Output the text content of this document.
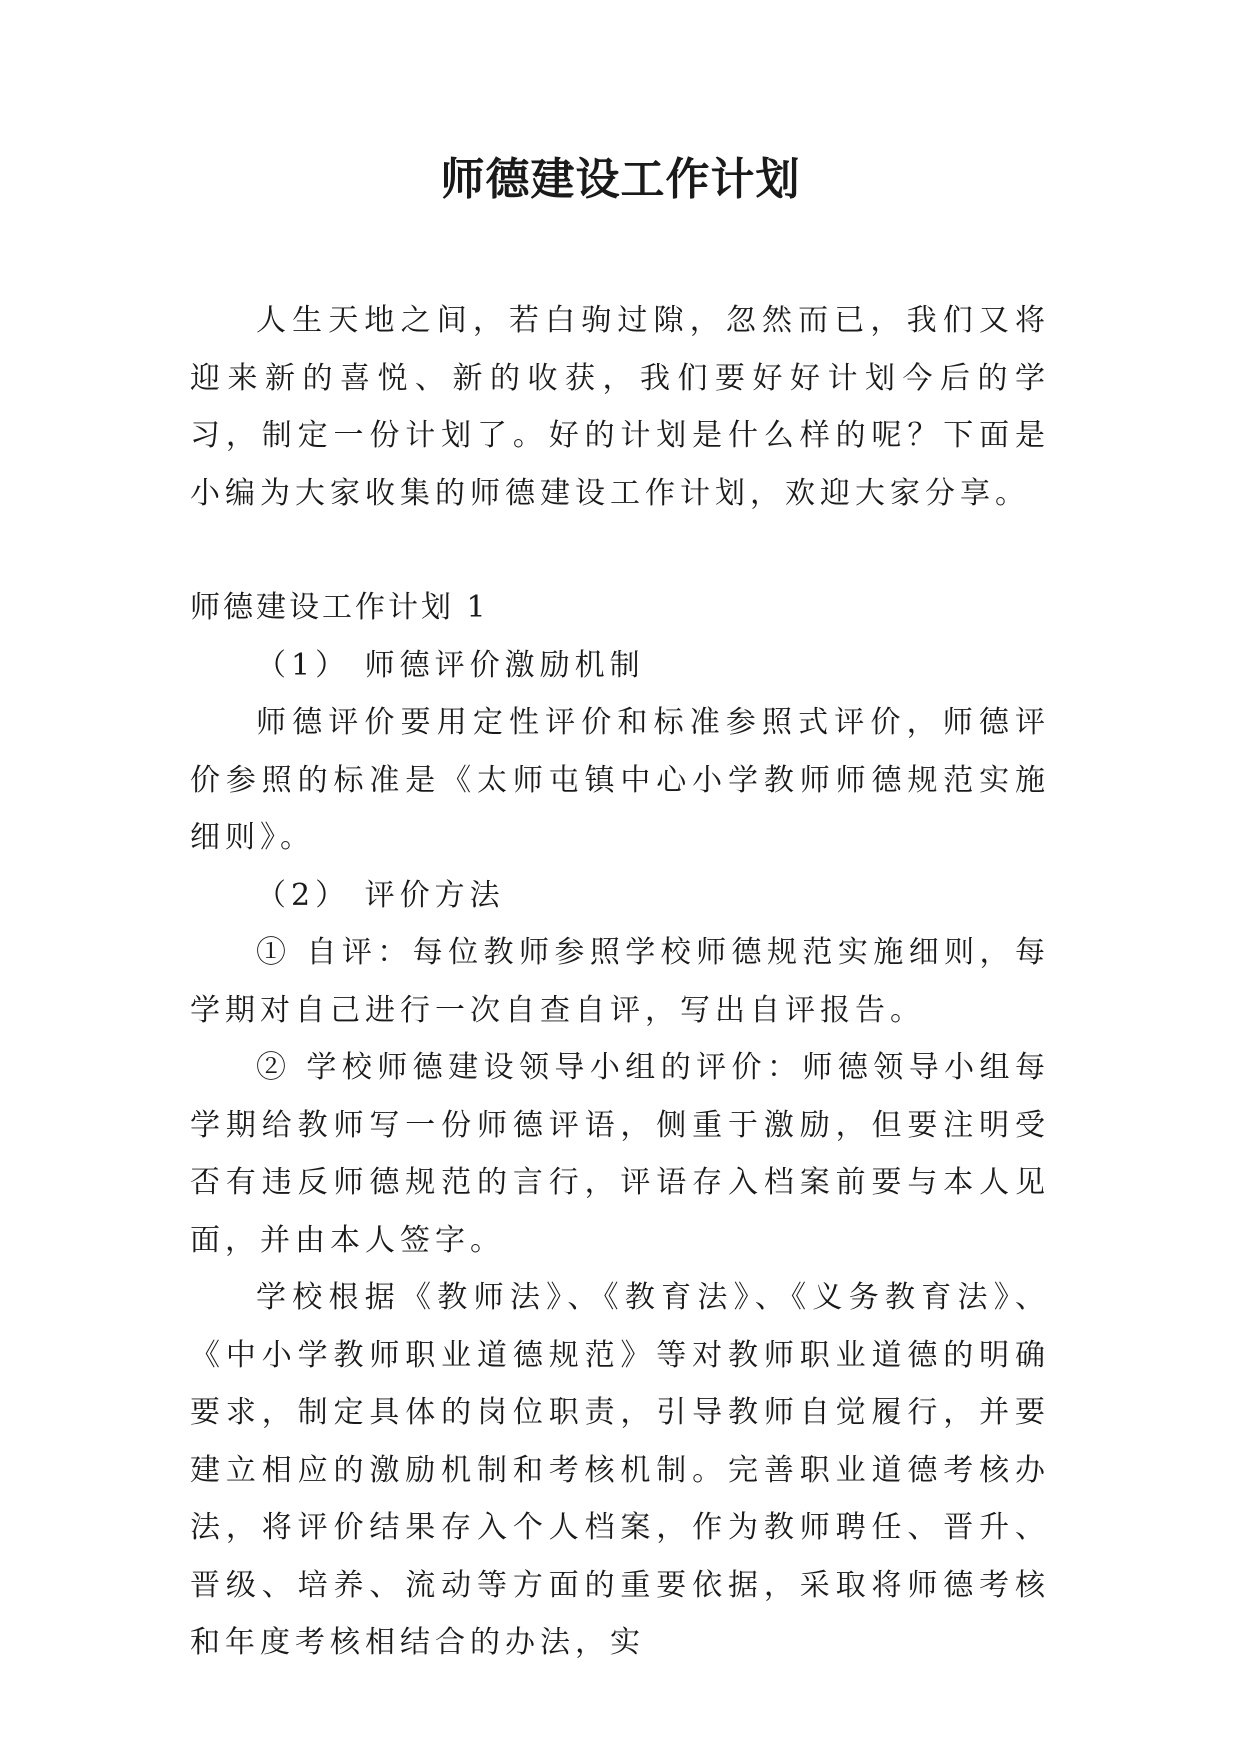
师德建设工作计划

人生天地之间，若白驹过隙，忽然而已，我们又将迎来新的喜悦、新的收获，我们要好好计划今后的学习，制定一份计划了。好的计划是什么样的呢？下面是小编为大家收集的师德建设工作计划，欢迎大家分享。

师德建设工作计划 1

（1） 师德评价激励机制

师德评价要用定性评价和标准参照式评价，师德评价参照的标准是《太师屯镇中心小学教师师德规范实施细则》。

（2） 评价方法

① 自评：每位教师参照学校师德规范实施细则，每学期对自己进行一次自查自评，写出自评报告。

② 学校师德建设领导小组的评价：师德领导小组每学期给教师写一份师德评语，侧重于激励，但要注明受否有违反师德规范的言行，评语存入档案前要与本人见面，并由本人签字。

学校根据《教师法》、《教育法》、《义务教育法》、《中小学教师职业道德规范》等对教师职业道德的明确要求，制定具体的岗位职责，引导教师自觉履行，并要建立相应的激励机制和考核机制。完善职业道德考核办法，将评价结果存入个人档案，作为教师聘任、晋升、晋级、培养、流动等方面的重要依据，采取将师德考核和年度考核相结合的办法，实
